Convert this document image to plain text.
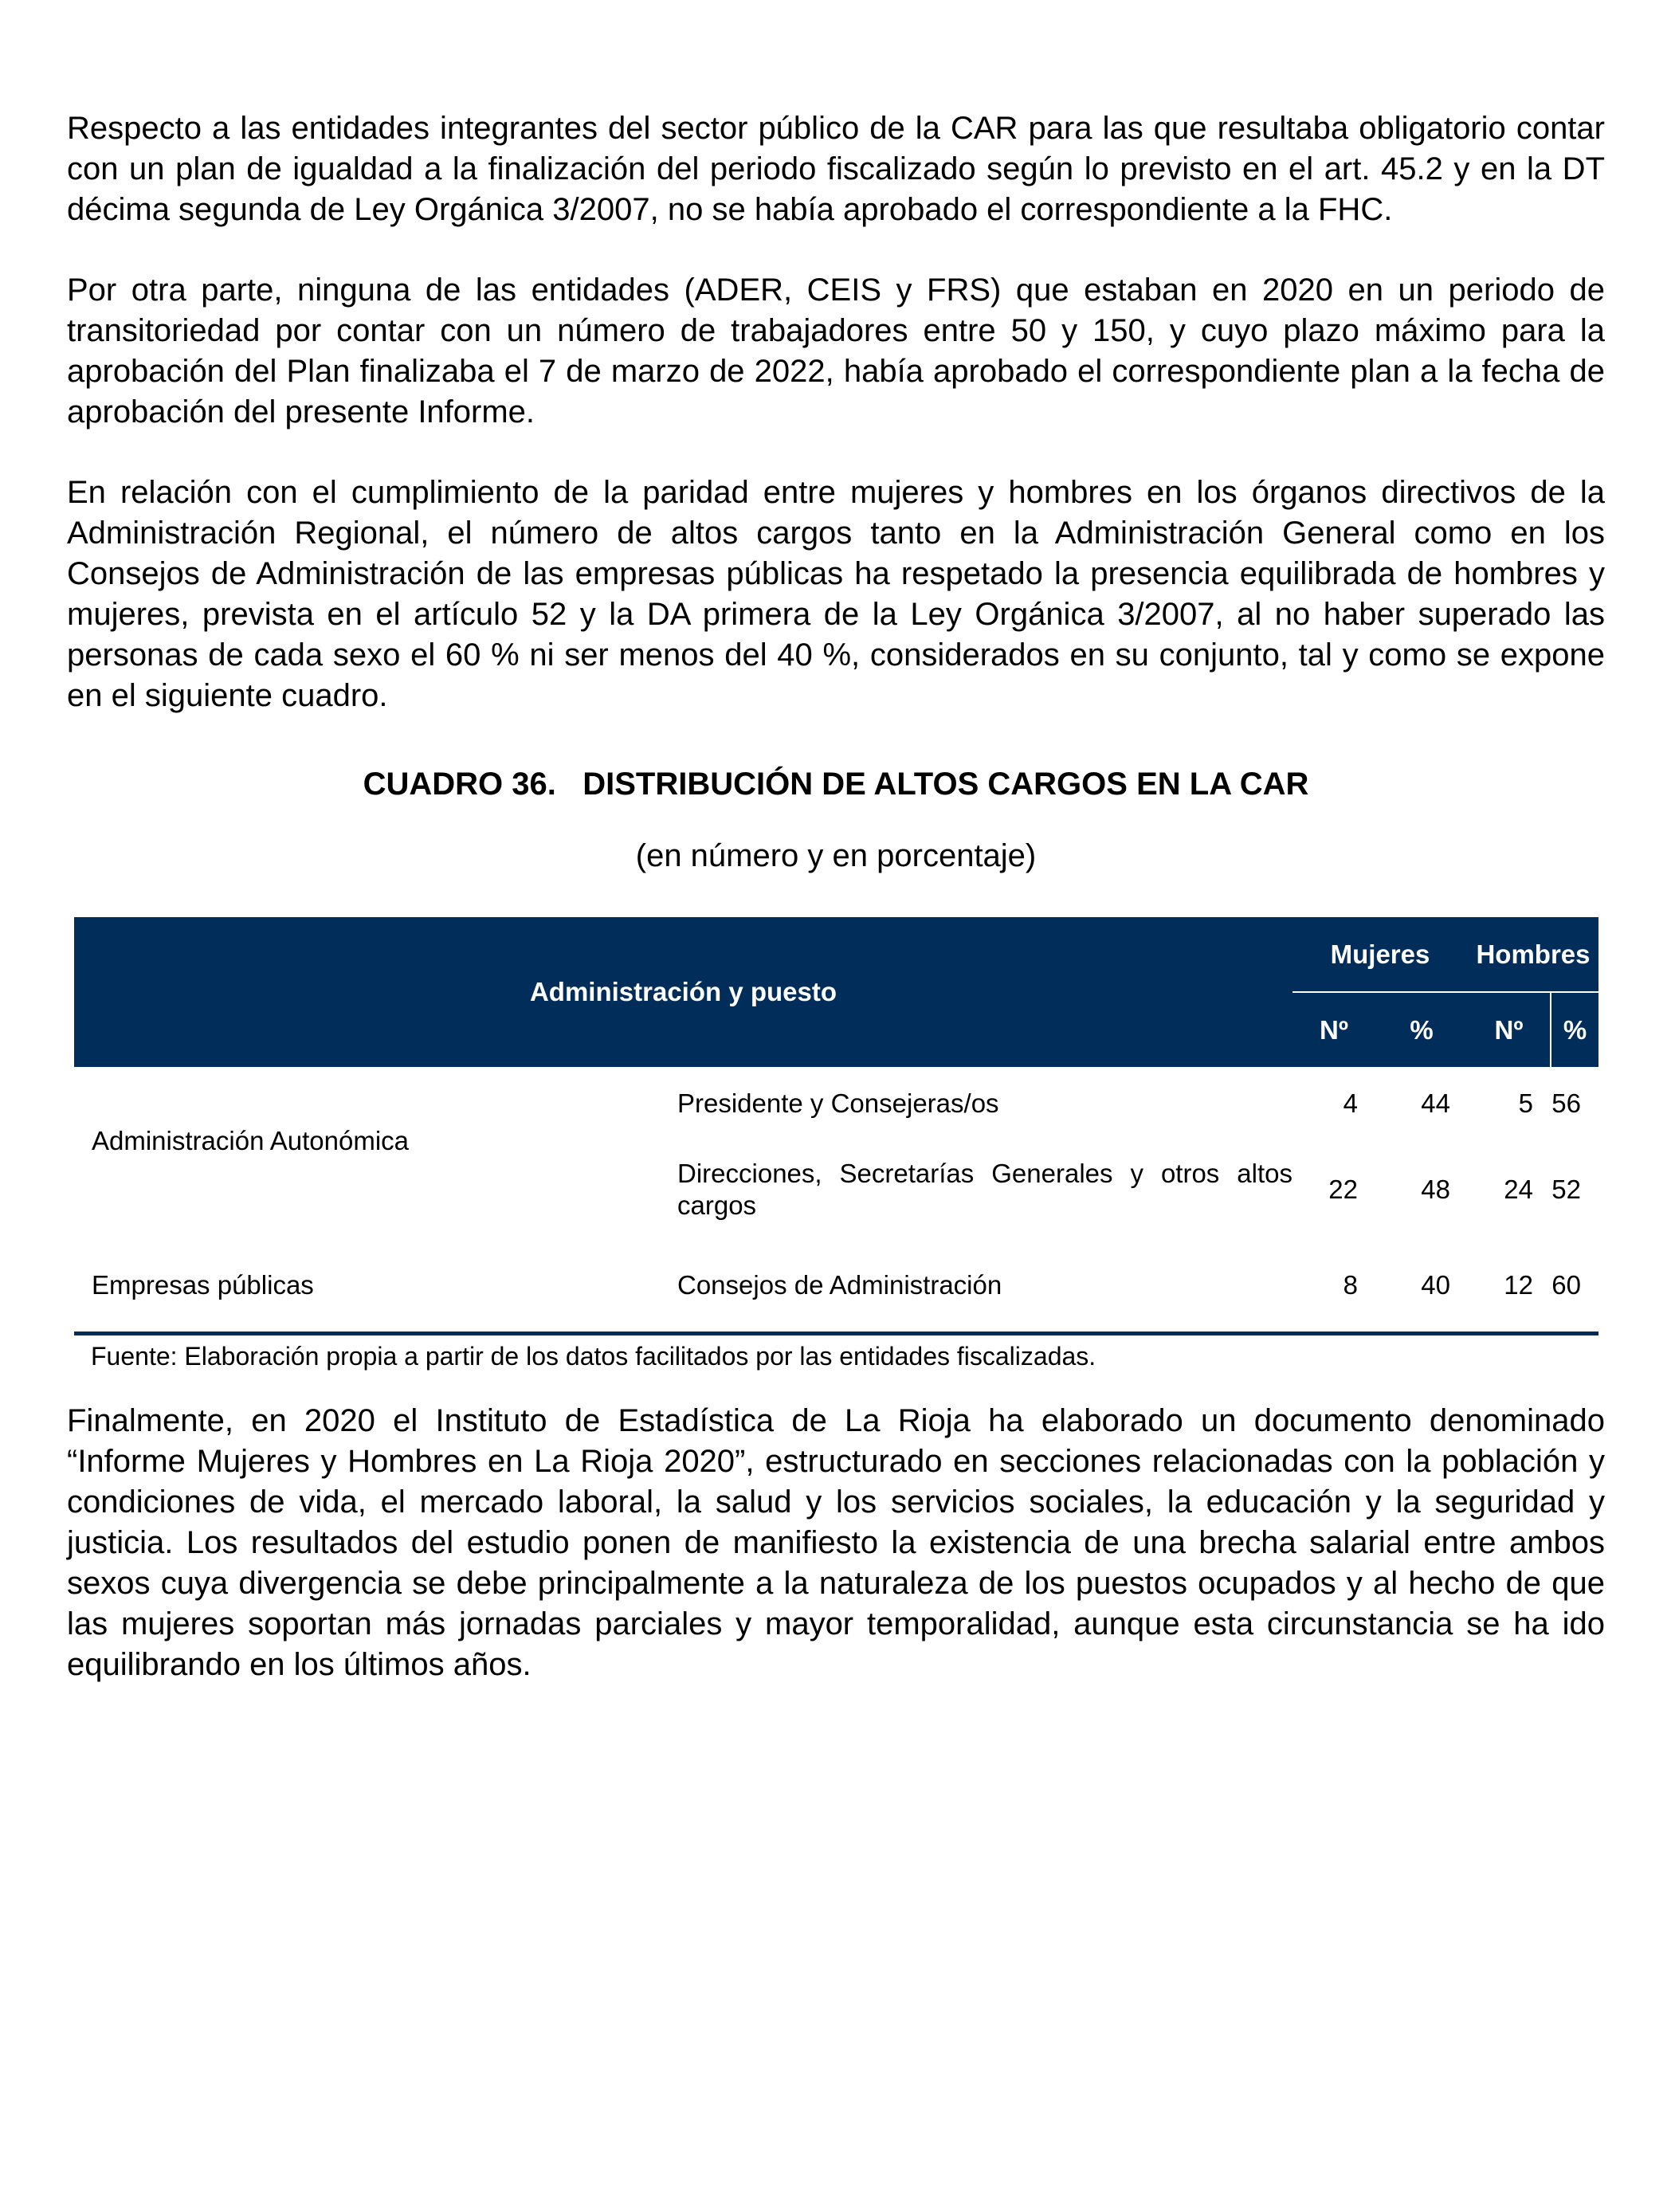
Respecto a las entidades integrantes del sector público de la CAR para las que resultaba obligatorio contar con un plan de igualdad a la finalización del periodo fiscalizado según lo previsto en el art. 45.2 y en la DT décima segunda de Ley Orgánica 3/2007, no se había aprobado el correspondiente a la FHC.

Por otra parte, ninguna de las entidades (ADER, CEIS y FRS) que estaban en 2020 en un periodo de transitoriedad por contar con un número de trabajadores entre 50 y 150, y cuyo plazo máximo para la aprobación del Plan finalizaba el 7 de marzo de 2022, había aprobado el correspondiente plan a la fecha de aprobación del presente Informe.

En relación con el cumplimiento de la paridad entre mujeres y hombres en los órganos directivos de la Administración Regional, el número de altos cargos tanto en la Administración General como en los Consejos de Administración de las empresas públicas ha respetado la presencia equilibrada de hombres y mujeres, prevista en el artículo 52 y la DA primera de la Ley Orgánica 3/2007, al no haber superado las personas de cada sexo el 60 % ni ser menos del 40 %, considerados en su conjunto, tal y como se expone en el siguiente cuadro.

CUADRO 36.   DISTRIBUCIÓN DE ALTOS CARGOS EN LA CAR

(en número y en porcentaje)

Administración y puesto		Mujeres		Hombres	
		Nº	%	Nº	%
Administración Autonómica	Presidente y Consejeras/os	4	44	5	56
	Direcciones, Secretarías Generales y otros altos cargos	22	48	24	52
Empresas públicas	Consejos de Administración	8	40	12	60

Fuente: Elaboración propia a partir de los datos facilitados por las entidades fiscalizadas.

Finalmente, en 2020 el Instituto de Estadística de La Rioja ha elaborado un documento denominado “Informe Mujeres y Hombres en La Rioja 2020”, estructurado en secciones relacionadas con la población y condiciones de vida, el mercado laboral, la salud y los servicios sociales, la educación y la seguridad y justicia. Los resultados del estudio ponen de manifiesto la existencia de una brecha salarial entre ambos sexos cuya divergencia se debe principalmente a la naturaleza de los puestos ocupados y al hecho de que las mujeres soportan más jornadas parciales y mayor temporalidad, aunque esta circunstancia se ha ido equilibrando en los últimos años.
